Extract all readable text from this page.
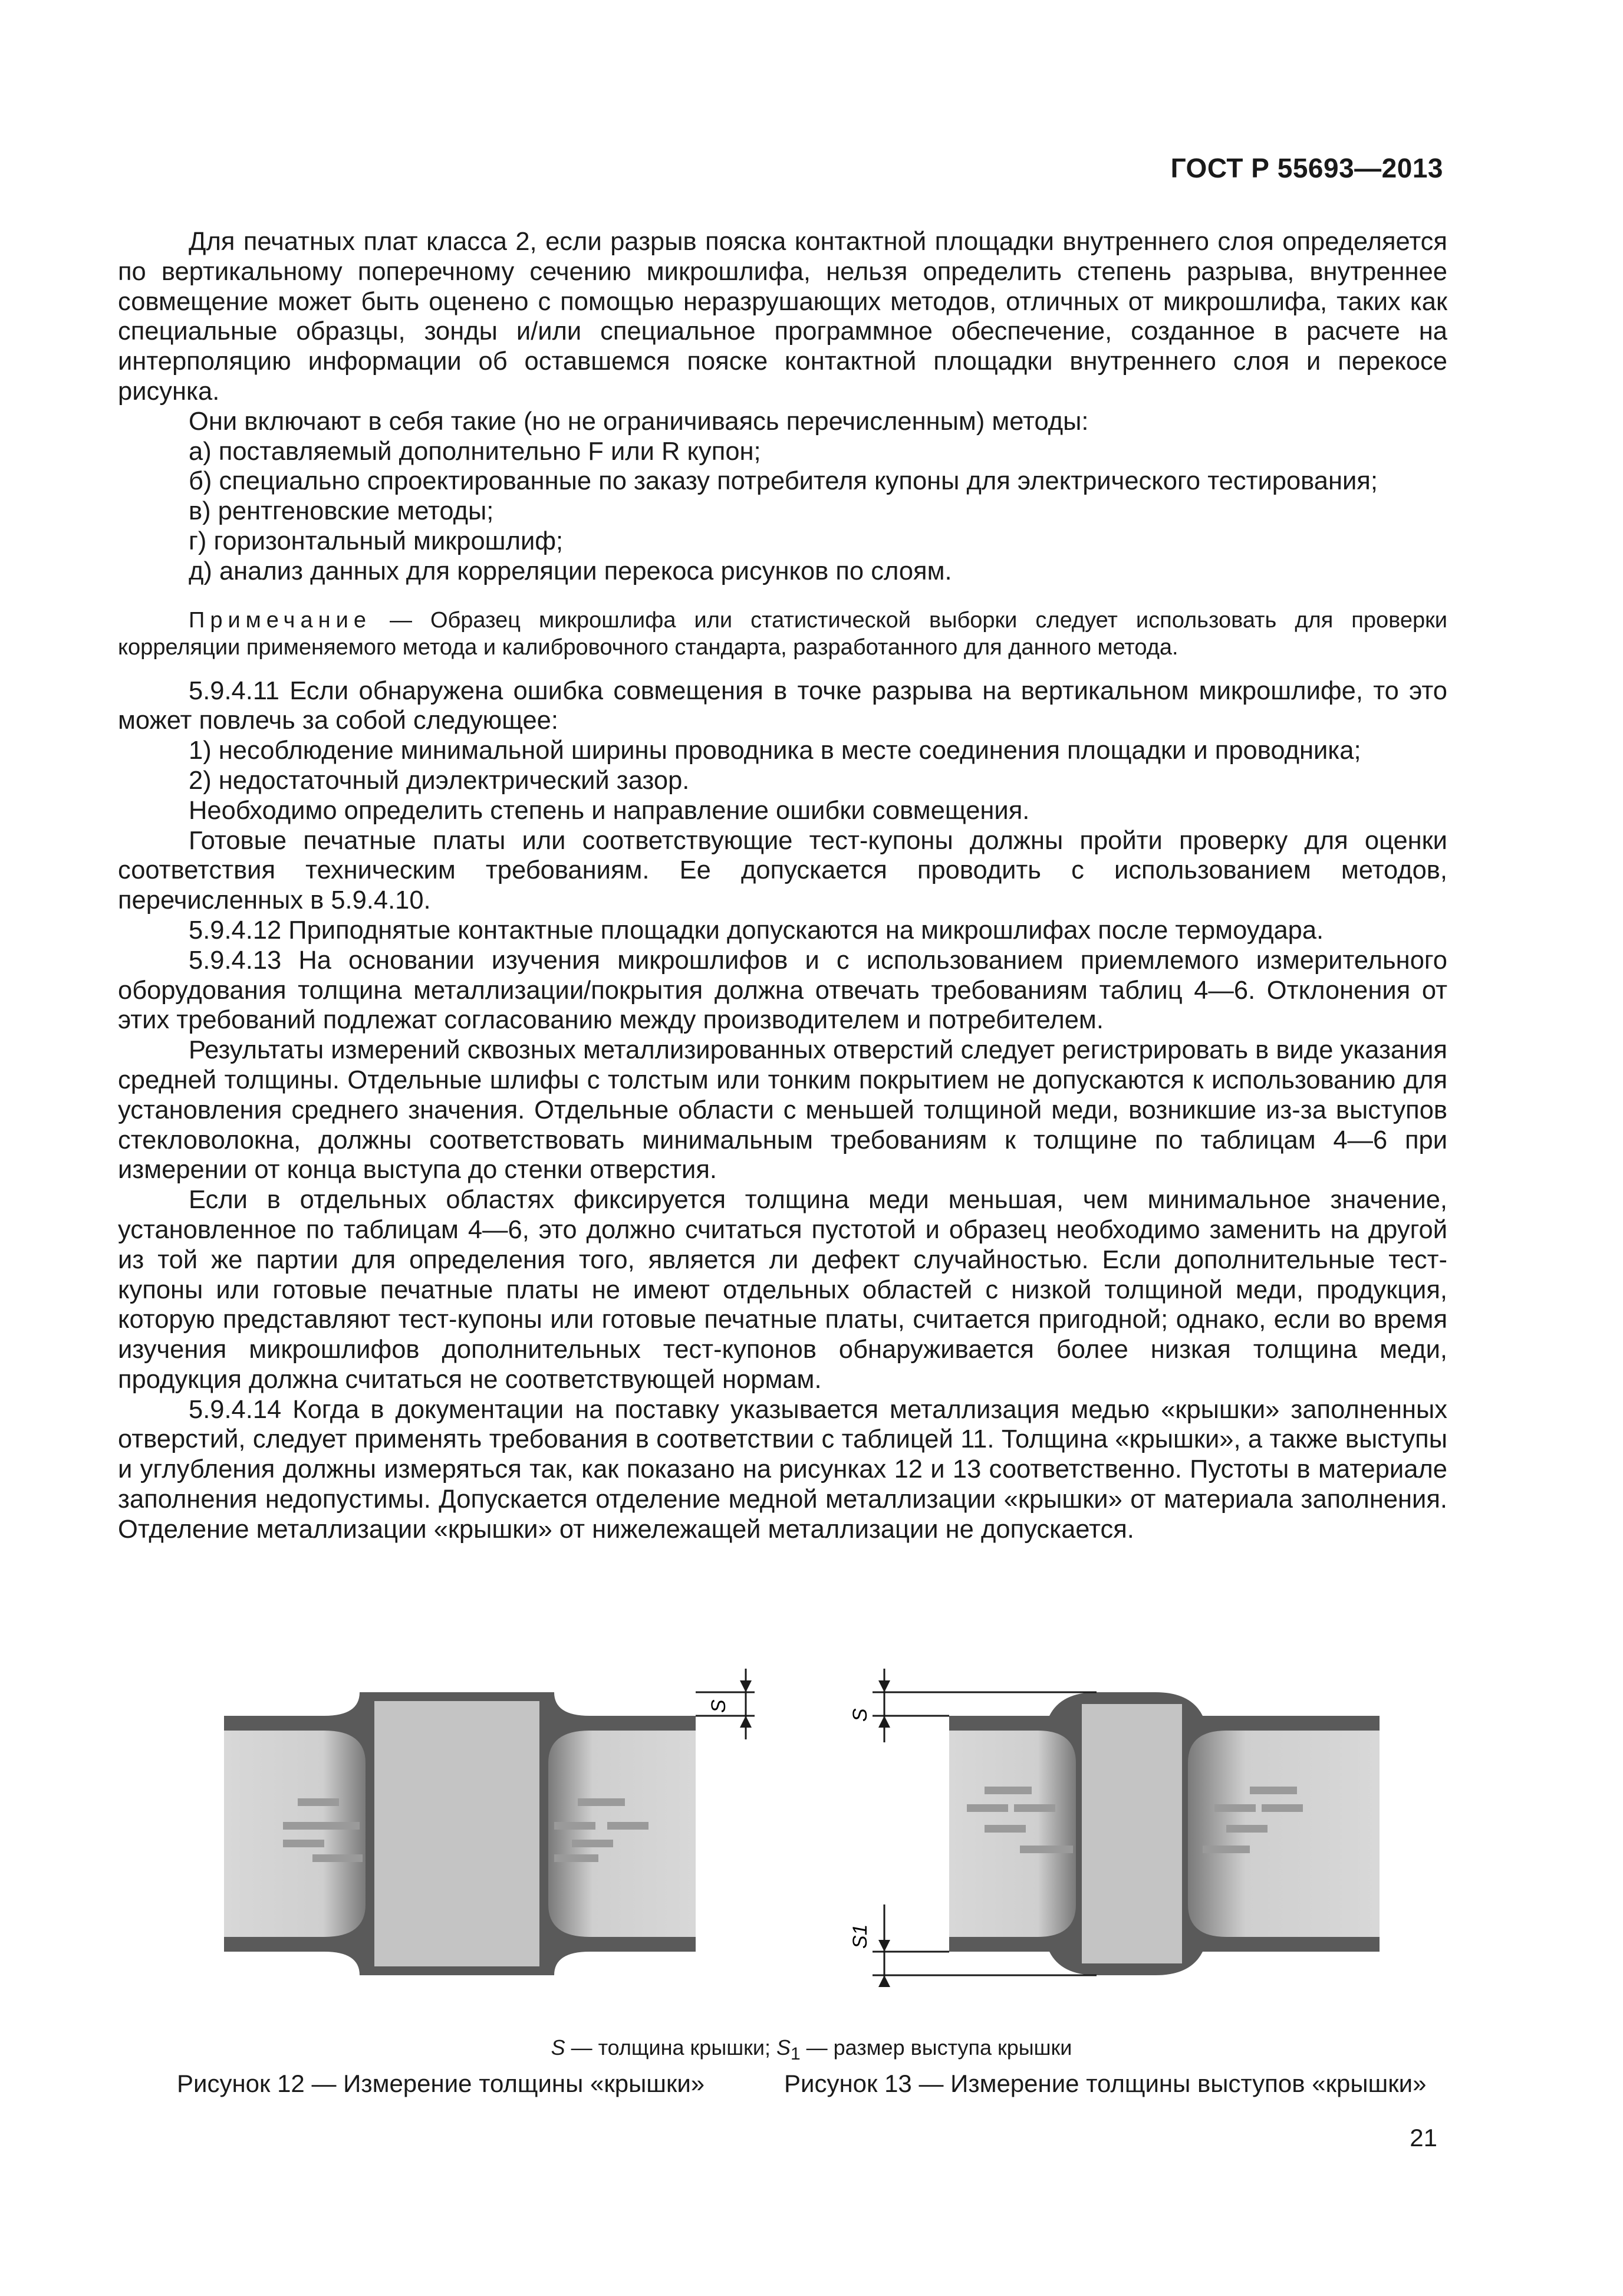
ГОСТ Р 55693—2013

Для печатных плат класса 2, если разрыв пояска контактной площадки внутреннего слоя определяется по вертикальному поперечному сечению микрошлифа, нельзя определить степень разрыва, внутреннее совмещение может быть оценено с помощью неразрушающих методов, отличных от микрошлифа, таких как специальные образцы, зонды и/или специальное программное обеспечение, созданное в расчете на интерполяцию информации об оставшемся пояске контактной площадки внутреннего слоя и перекосе рисунка.

Они включают в себя такие (но не ограничиваясь перечисленным) методы:

а) поставляемый дополнительно F или R купон;

б) специально спроектированные по заказу потребителя купоны для электрического тестирования;

в) рентгеновские методы;

г) горизонтальный микрошлиф;

д) анализ данных для корреляции перекоса рисунков по слоям.

Примечание — Образец микрошлифа или статистической выборки следует использовать для проверки корреляции применяемого метода и калибровочного стандарта, разработанного для данного метода.

5.9.4.11 Если обнаружена ошибка совмещения в точке разрыва на вертикальном микрошлифе, то это может повлечь за собой следующее:

1) несоблюдение минимальной ширины проводника в месте соединения площадки и проводника;

2) недостаточный диэлектрический зазор.

Необходимо определить степень и направление ошибки совмещения.

Готовые печатные платы или соответствующие тест-купоны должны пройти проверку для оценки соответствия техническим требованиям. Ее допускается проводить с использованием методов, перечисленных в 5.9.4.10.

5.9.4.12 Приподнятые контактные площадки допускаются на микрошлифах после термоудара.

5.9.4.13 На основании изучения микрошлифов и с использованием приемлемого измерительного оборудования толщина металлизации/покрытия должна отвечать требованиям таблиц 4—6. Отклонения от этих требований подлежат согласованию между производителем и потребителем.

Результаты измерений сквозных металлизированных отверстий следует регистрировать в виде указания средней толщины. Отдельные шлифы с толстым или тонким покрытием не допускаются к использованию для установления среднего значения. Отдельные области с меньшей толщиной меди, возникшие из-за выступов стекловолокна, должны соответствовать минимальным требованиям к толщине по таблицам 4—6 при измерении от конца выступа до стенки отверстия.

Если в отдельных областях фиксируется толщина меди меньшая, чем минимальное значение, установленное по таблицам 4—6, это должно считаться пустотой и образец необходимо заменить на другой из той же партии для определения того, является ли дефект случайностью. Если дополнительные тест-купоны или готовые печатные платы не имеют отдельных областей с низкой толщиной меди, продукция, которую представляют тест-купоны или готовые печатные платы, считается пригодной; однако, если во время изучения микрошлифов дополнительных тест-купонов обнаруживается более низкая толщина меди, продукция должна считаться не соответствующей нормам.

5.9.4.14 Когда в документации на поставку указывается металлизация медью «крышки» заполненных отверстий, следует применять требования в соответствии с таблицей 11. Толщина «крышки», а также выступы и углубления должны измеряться так, как показано на рисунках 12 и 13 соответственно. Пустоты в материале заполнения недопустимы. Допускается отделение медной металлизации «крышки» от материала заполнения. Отделение металлизации «крышки» от нижележащей металлизации не допускается.

S
S
S1
S — толщина крышки; $S_1$ — размер выступа крышки
Рисунок 12 — Измерение толщины «крышки»	Рисунок 13 — Измерение толщины выступов «крышки»
21
